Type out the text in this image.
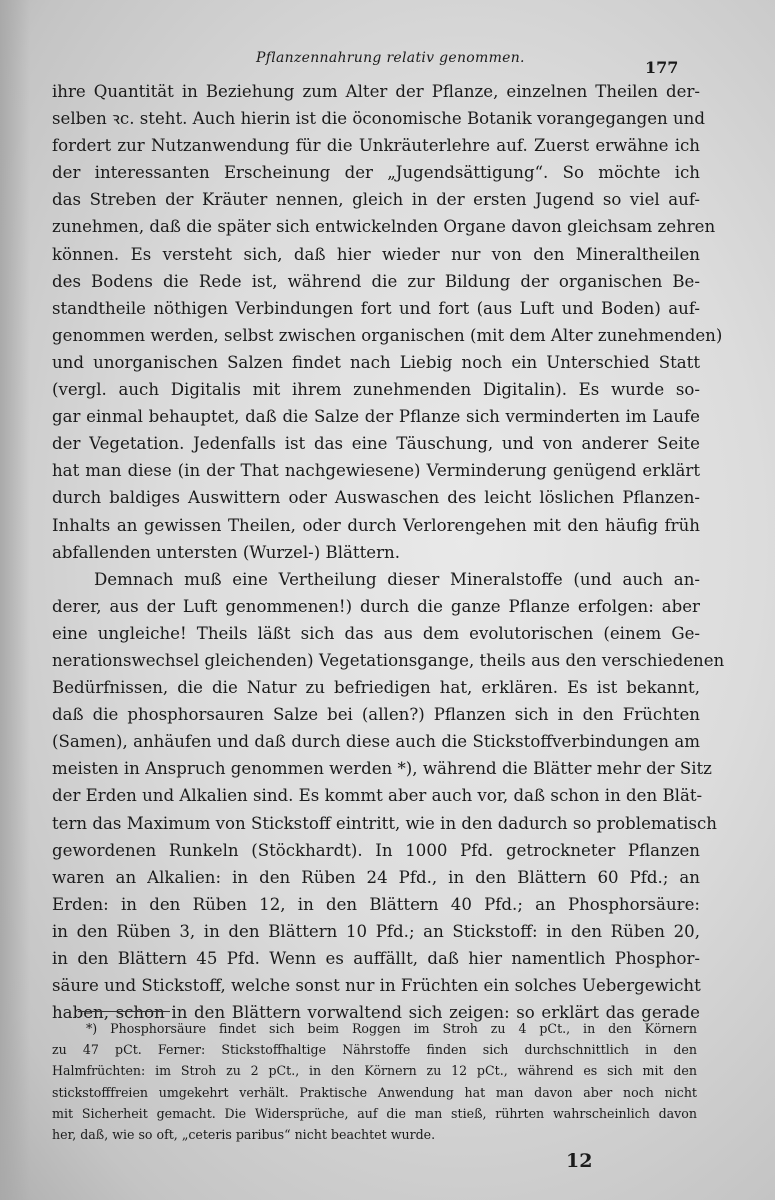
Pflanzennahrung relativ genommen.	177
ihre Quantität in Beziehung zum Alter der Pflanze, einzelnen Theilen der-
selben ꝛc. steht. Auch hierin ist die öconomische Botanik vorangegangen und
fordert zur Nutzanwendung für die Unkräuterlehre auf. Zuerst erwähne ich
der interessanten Erscheinung der „Jugendsättigung“. So möchte ich
das Streben der Kräuter nennen, gleich in der ersten Jugend so viel auf-
zunehmen, daß die später sich entwickelnden Organe davon gleichsam zehren
können. Es versteht sich, daß hier wieder nur von den Mineraltheilen
des Bodens die Rede ist, während die zur Bildung der organischen Be-
standtheile nöthigen Verbindungen fort und fort (aus Luft und Boden) auf-
genommen werden, selbst zwischen organischen (mit dem Alter zunehmenden)
und unorganischen Salzen findet nach Liebig noch ein Unterschied Statt
(vergl. auch Digitalis mit ihrem zunehmenden Digitalin). Es wurde so-
gar einmal behauptet, daß die Salze der Pflanze sich verminderten im Laufe
der Vegetation. Jedenfalls ist das eine Täuschung, und von anderer Seite
hat man diese (in der That nachgewiesene) Verminderung genügend erklärt
durch baldiges Auswittern oder Auswaschen des leicht löslichen Pflanzen-
Inhalts an gewissen Theilen, oder durch Verlorengehen mit den häufig früh
abfallenden untersten (Wurzel-) Blättern.
Demnach muß eine Vertheilung dieser Mineralstoffe (und auch an-
derer, aus der Luft genommenen!) durch die ganze Pflanze erfolgen: aber
eine ungleiche! Theils läßt sich das aus dem evolutorischen (einem Ge-
nerationswechsel gleichenden) Vegetationsgange, theils aus den verschiedenen
Bedürfnissen, die die Natur zu befriedigen hat, erklären. Es ist bekannt,
daß die phosphorsauren Salze bei (allen?) Pflanzen sich in den Früchten
(Samen), anhäufen und daß durch diese auch die Stickstoffverbindungen am
meisten in Anspruch genommen werden *), während die Blätter mehr der Sitz
der Erden und Alkalien sind. Es kommt aber auch vor, daß schon in den Blät-
tern das Maximum von Stickstoff eintritt, wie in den dadurch so problematisch
gewordenen Runkeln (Stöckhardt). In 1000 Pfd. getrockneter Pflanzen
waren an Alkalien: in den Rüben 24 Pfd., in den Blättern 60 Pfd.; an
Erden: in den Rüben 12, in den Blättern 40 Pfd.; an Phosphorsäure:
in den Rüben 3, in den Blättern 10 Pfd.; an Stickstoff: in den Rüben 20,
in den Blättern 45 Pfd. Wenn es auffällt, daß hier namentlich Phosphor-
säure und Stickstoff, welche sonst nur in Früchten ein solches Uebergewicht
haben, schon in den Blättern vorwaltend sich zeigen: so erklärt das gerade
*) Phosphorsäure findet sich beim Roggen im Stroh zu 4 pCt., in den Körnern
zu 47 pCt. Ferner: Stickstoffhaltige Nährstoffe finden sich durchschnittlich in den
Halmfrüchten: im Stroh zu 2 pCt., in den Körnern zu 12 pCt., während es sich mit den
stickstofffreien umgekehrt verhält. Praktische Anwendung hat man davon aber noch nicht
mit Sicherheit gemacht. Die Widersprüche, auf die man stieß, rührten wahrscheinlich davon
her, daß, wie so oft, „ceteris paribus“ nicht beachtet wurde.
12
